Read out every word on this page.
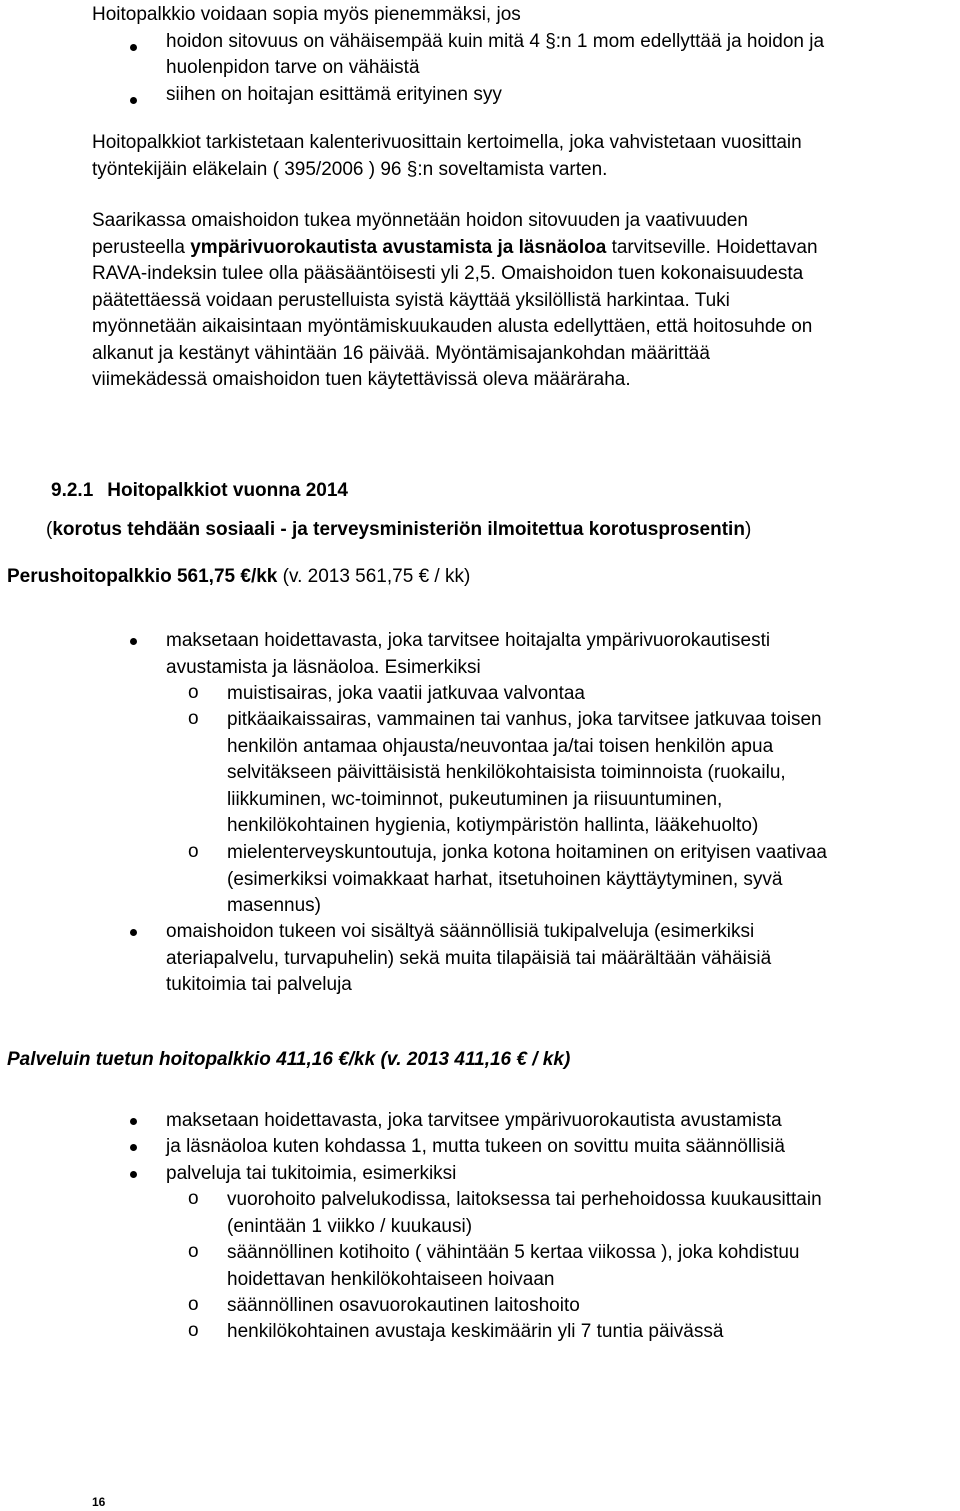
Hoitopalkkio voidaan sopia myös pienemmäksi, jos
hoidon sitovuus on vähäisempää kuin mitä 4 §:n 1 mom edellyttää ja hoidon ja
huolenpidon tarve on vähäistä
siihen on hoitajan esittämä erityinen syy
Hoitopalkkiot tarkistetaan kalenterivuosittain kertoimella, joka vahvistetaan vuosittain
työntekijäin eläkelain ( 395/2006 ) 96 §:n soveltamista varten.
Saarikassa omaishoidon tukea myönnetään hoidon sitovuuden ja vaativuuden
perusteella ympärivuorokautista avustamista ja läsnäoloa tarvitseville. Hoidettavan
RAVA-indeksin tulee olla pääsääntöisesti yli 2,5. Omaishoidon tuen kokonaisuudesta
päätettäessä voidaan perustelluista syistä käyttää yksilöllistä harkintaa. Tuki
myönnetään aikaisintaan myöntämiskuukauden alusta edellyttäen, että hoitosuhde on
alkanut ja kestänyt vähintään 16 päivää. Myöntämisajankohdan määrittää
viimekädessä omaishoidon tuen käytettävissä oleva määräraha.
9.2.1 Hoitopalkkiot vuonna 2014
(korotus tehdään sosiaali - ja terveysministeriön ilmoitettua korotusprosentin)
Perushoitopalkkio 561,75 €/kk (v. 2013 561,75 € / kk)
maksetaan hoidettavasta, joka tarvitsee hoitajalta ympärivuorokautisesti
avustamista ja läsnäoloa. Esimerkiksi
o muistisairas, joka vaatii jatkuvaa valvontaa
o pitkäaikaissairas, vammainen tai vanhus, joka tarvitsee jatkuvaa toisen
henkilön antamaa ohjausta/neuvontaa ja/tai toisen henkilön apua
selvitäkseen päivittäisistä henkilökohtaisista toiminnoista (ruokailu,
liikkuminen, wc-toiminnot, pukeutuminen ja riisuuntuminen,
henkilökohtainen hygienia, kotiympäristön hallinta, lääkehuolto)
o mielenterveyskuntoutuja, jonka kotona hoitaminen on erityisen vaativaa
(esimerkiksi voimakkaat harhat, itsetuhoinen käyttäytyminen, syvä
masennus)
omaishoidon tukeen voi sisältyä säännöllisiä tukipalveluja (esimerkiksi
ateriapalvelu, turvapuhelin) sekä muita tilapäisiä tai määrältään vähäisiä
tukitoimia tai palveluja
Palveluin tuetun hoitopalkkio 411,16 €/kk (v. 2013 411,16 € / kk)
maksetaan hoidettavasta, joka tarvitsee ympärivuorokautista avustamista
ja läsnäoloa kuten kohdassa 1, mutta tukeen on sovittu muita säännöllisiä
palveluja tai tukitoimia, esimerkiksi
o vuorohoito palvelukodissa, laitoksessa tai perhehoidossa kuukausittain
(enintään 1 viikko / kuukausi)
o säännöllinen kotihoito ( vähintään 5 kertaa viikossa ), joka kohdistuu
hoidettavan henkilökohtaiseen hoivaan
o säännöllinen osavuorokautinen laitoshoito
o henkilökohtainen avustaja keskimäärin yli 7 tuntia päivässä
16
